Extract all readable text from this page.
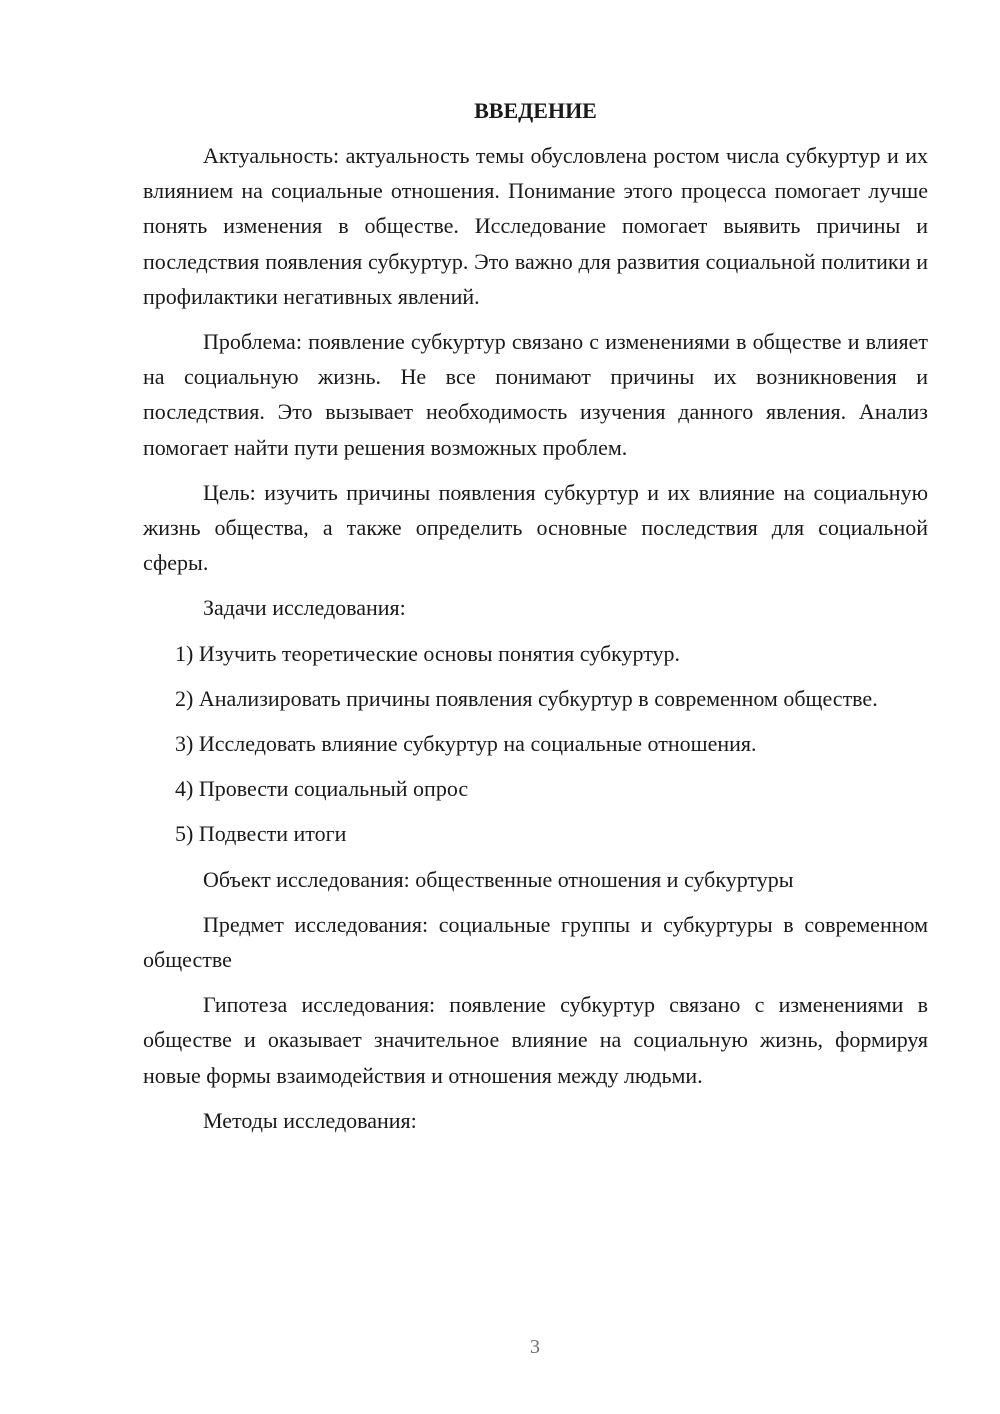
ВВЕДЕНИЕ
Актуальность: актуальность темы обусловлена ростом числа субкуртур и их влиянием на социальные отношения. Понимание этого процесса помогает лучше понять изменения в обществе. Исследование помогает выявить причины и последствия появления субкуртур. Это важно для развития социальной политики и профилактики негативных явлений.
Проблема: появление субкуртур связано с изменениями в обществе и влияет на социальную жизнь. Не все понимают причины их возникновения и последствия. Это вызывает необходимость изучения данного явления. Анализ помогает найти пути решения возможных проблем.
Цель: изучить причины появления субкуртур и их влияние на социальную жизнь общества, а также определить основные последствия для социальной сферы.
Задачи исследования:
1) Изучить теоретические основы понятия субкуртур.
2) Анализировать причины появления субкуртур в современном обществе.
3) Исследовать влияние субкуртур на социальные отношения.
4) Провести социальный опрос
5) Подвести итоги
Объект исследования: общественные отношения и субкуртуры
Предмет исследования: социальные группы и субкуртуры в современном обществе
Гипотеза исследования: появление субкуртур связано с изменениями в обществе и оказывает значительное влияние на социальную жизнь, формируя новые формы взаимодействия и отношения между людьми.
Методы исследования:
3
